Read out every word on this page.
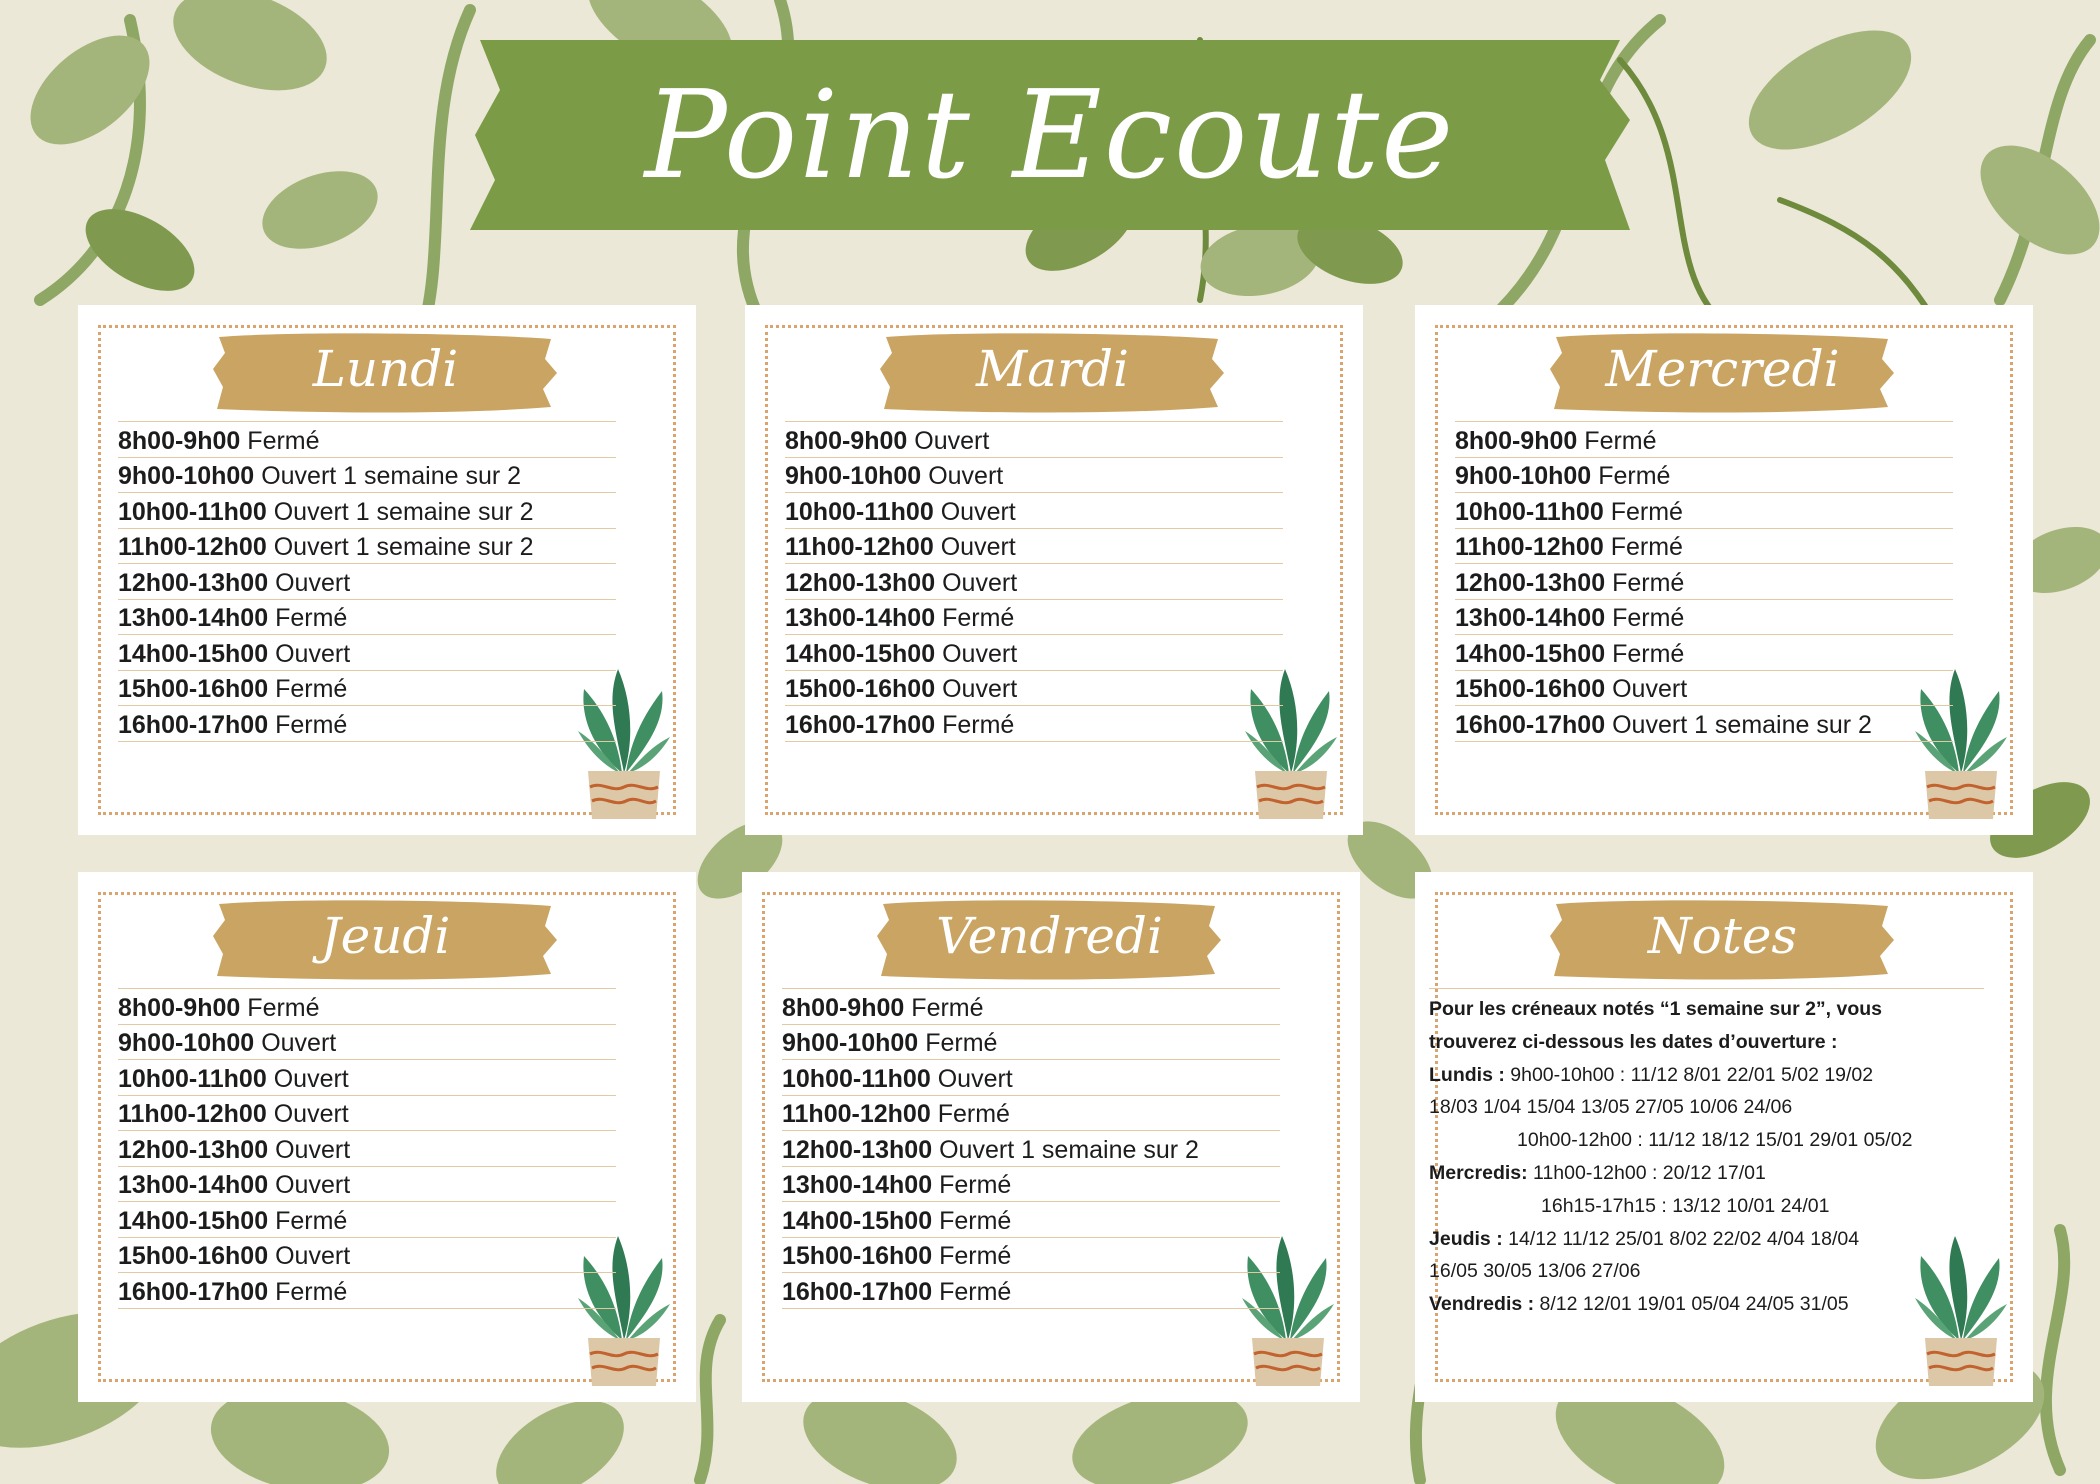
Point Ecoute
Lundi
8h00-9h00 Fermé
9h00-10h00 Ouvert 1 semaine sur 2
10h00-11h00 Ouvert 1 semaine sur 2
11h00-12h00 Ouvert 1 semaine sur 2
12h00-13h00 Ouvert
13h00-14h00 Fermé
14h00-15h00 Ouvert
15h00-16h00 Fermé
16h00-17h00 Fermé
Mardi
8h00-9h00 Ouvert
9h00-10h00 Ouvert
10h00-11h00 Ouvert
11h00-12h00 Ouvert
12h00-13h00 Ouvert
13h00-14h00 Fermé
14h00-15h00 Ouvert
15h00-16h00 Ouvert
16h00-17h00 Fermé
Mercredi
8h00-9h00 Fermé
9h00-10h00 Fermé
10h00-11h00 Fermé
11h00-12h00 Fermé
12h00-13h00 Fermé
13h00-14h00 Fermé
14h00-15h00 Fermé
15h00-16h00 Ouvert
16h00-17h00 Ouvert 1 semaine sur 2
Jeudi
8h00-9h00 Fermé
9h00-10h00 Ouvert
10h00-11h00 Ouvert
11h00-12h00 Ouvert
12h00-13h00 Ouvert
13h00-14h00 Ouvert
14h00-15h00 Fermé
15h00-16h00 Ouvert
16h00-17h00 Fermé
Vendredi
8h00-9h00 Fermé
9h00-10h00 Fermé
10h00-11h00 Ouvert
11h00-12h00 Fermé
12h00-13h00 Ouvert 1 semaine sur 2
13h00-14h00 Fermé
14h00-15h00 Fermé
15h00-16h00 Fermé
16h00-17h00 Fermé
Notes
Pour les créneaux notés “1 semaine sur 2”, vous
trouverez ci-dessous les dates d’ouverture :
Lundis : 9h00-10h00 : 11/12 8/01 22/01 5/02 19/02
18/03 1/04 15/04 13/05 27/05 10/06 24/06
10h00-12h00 : 11/12 18/12 15/01 29/01 05/02
Mercredis: 11h00-12h00 : 20/12 17/01
16h15-17h15 : 13/12 10/01 24/01
Jeudis : 14/12 11/12 25/01 8/02 22/02 4/04 18/04
16/05 30/05 13/06 27/06
Vendredis : 8/12 12/01 19/01 05/04 24/05 31/05
